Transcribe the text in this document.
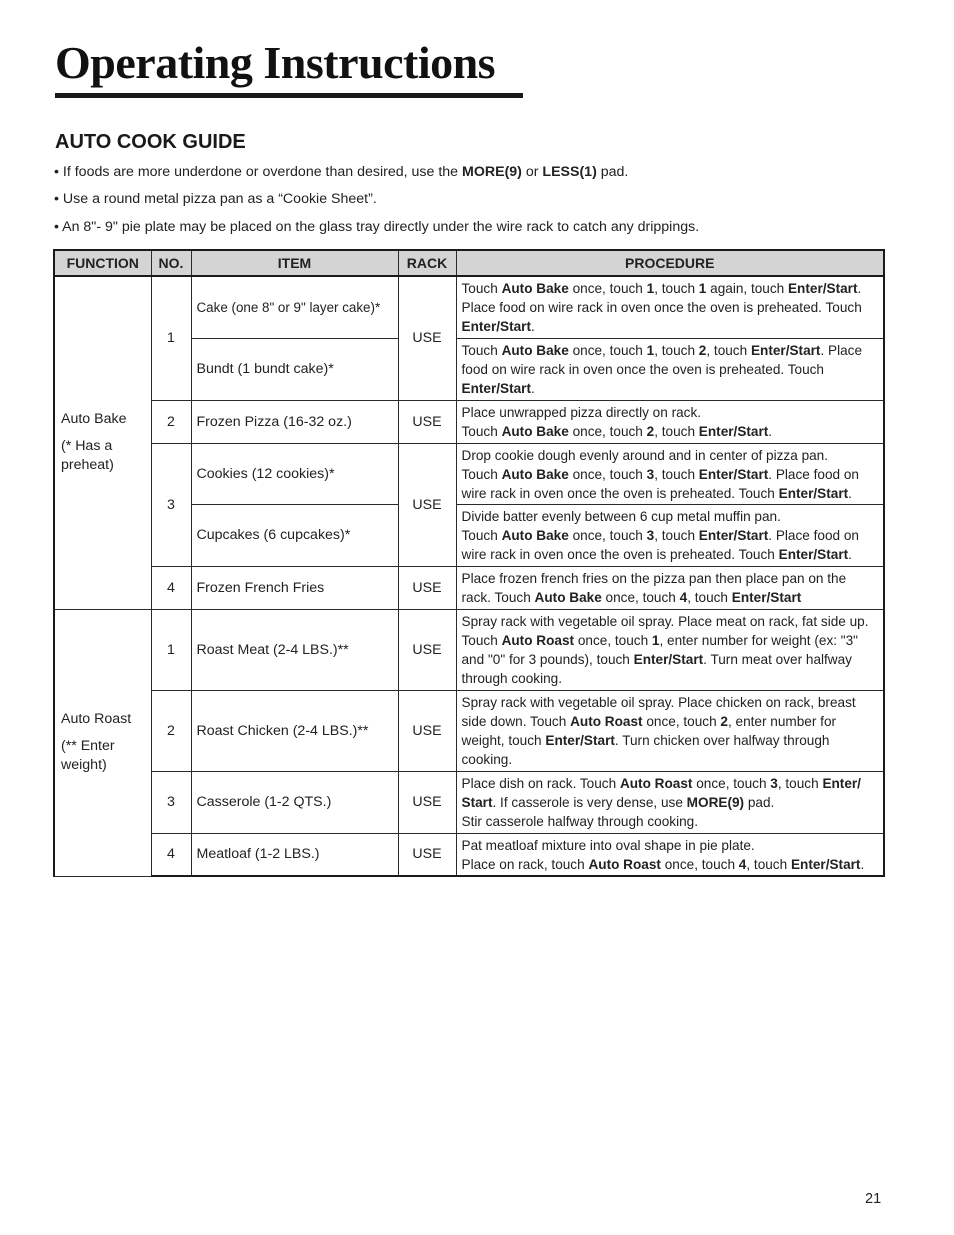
Operating Instructions
AUTO COOK GUIDE
• If foods are more underdone or overdone than desired, use the MORE(9) or LESS(1) pad.
• Use a round metal pizza pan as a “Cookie Sheet”.
• An 8"- 9" pie plate may be placed on the glass tray directly under the wire rack to catch any drippings.
FUNCTION	NO.	ITEM	RACK	PROCEDURE

Auto Bake
(* Has a preheat)	1	Cake (one 8" or 9" layer cake)*	USE	Touch Auto Bake once, touch 1, touch 1 again, touch Enter/Start. Place food on wire rack in oven once the oven is preheated. Touch Enter/Start.
		Bundt (1 bundt cake)*		Touch Auto Bake once, touch 1, touch 2, touch Enter/Start. Place food on wire rack in oven once the oven is preheated. Touch Enter/Start.
	2	Frozen Pizza (16-32 oz.)	USE	Place unwrapped pizza directly on rack.
Touch Auto Bake once, touch 2, touch Enter/Start.
	3	Cookies (12 cookies)*	USE	Drop cookie dough evenly around and in center of pizza pan.
Touch Auto Bake once, touch 3, touch Enter/Start. Place food on wire rack in oven once the oven is preheated. Touch Enter/Start.
		Cupcakes (6 cupcakes)*		Divide batter evenly between 6 cup metal muffin pan.
Touch Auto Bake once, touch 3, touch Enter/Start. Place food on wire rack in oven once the oven is preheated. Touch Enter/Start.
	4	Frozen French Fries	USE	Place frozen french fries on the pizza pan then place pan on the rack. Touch Auto Bake once, touch 4, touch Enter/Start

Auto Roast
(** Enter weight)	1	Roast Meat (2-4 LBS.)**	USE	Spray rack with vegetable oil spray. Place meat on rack, fat side up. Touch Auto Roast once, touch 1, enter number for weight (ex: "3" and "0" for 3 pounds), touch Enter/Start. Turn meat over halfway through cooking.
	2	Roast Chicken (2-4 LBS.)**	USE	Spray rack with vegetable oil spray. Place chicken on rack, breast side down. Touch Auto Roast once, touch 2, enter number for weight, touch Enter/Start. Turn chicken over halfway through cooking.
	3	Casserole (1-2 QTS.)	USE	Place dish on rack. Touch Auto Roast once, touch 3, touch Enter/ Start. If casserole is very dense, use MORE(9) pad.
Stir casserole halfway through cooking.
	4	Meatloaf (1-2 LBS.)	USE	Pat meatloaf mixture into oval shape in pie plate.
Place on rack, touch Auto Roast once, touch 4, touch Enter/Start.
21
